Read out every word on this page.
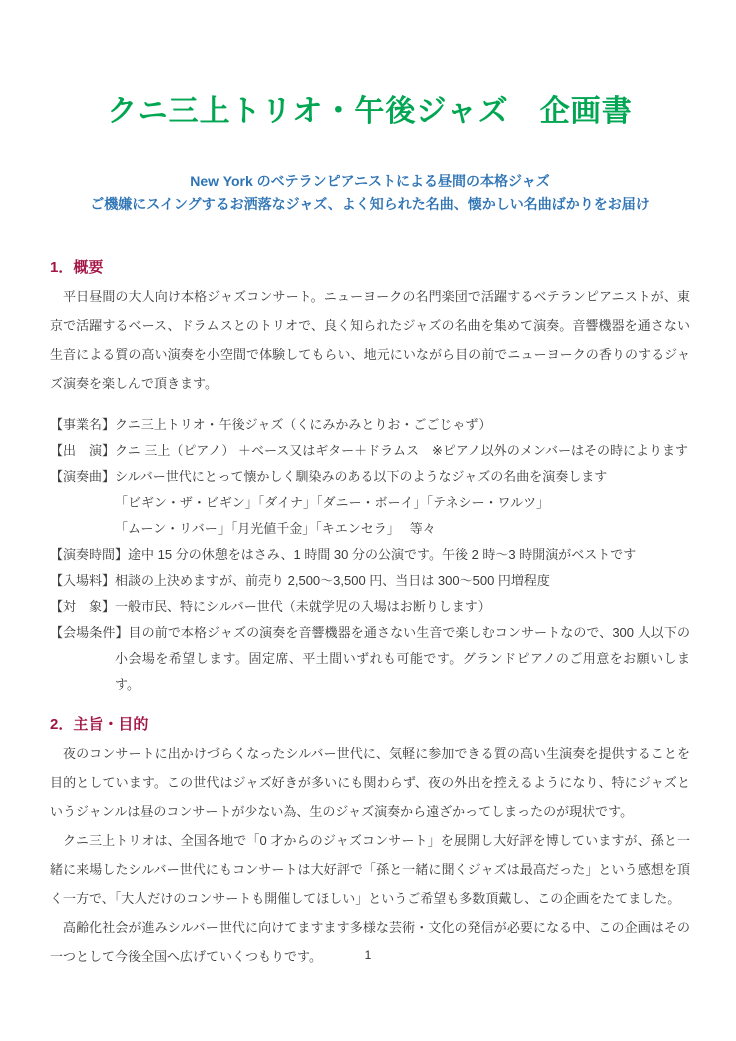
クニ三上トリオ・午後ジャズ　企画書

New York のベテランピアニストによる昼間の本格ジャズ

ご機嫌にスイングするお洒落なジャズ、よく知られた名曲、懐かしい名曲ばかりをお届け

1．概要

平日昼間の大人向け本格ジャズコンサート。ニューヨークの名門楽団で活躍するベテランピアニストが、東京で活躍するベース、ドラムスとのトリオで、良く知られたジャズの名曲を集めて演奏。音響機器を通さない生音による質の高い演奏を小空間で体験してもらい、地元にいながら目の前でニューヨークの香りのするジャズ演奏を楽しんで頂きます。

【事業名】クニ三上トリオ・午後ジャズ（くにみかみとりお・ごごじゃず）
【出　演】クニ 三上（ピアノ） ＋ベース又はギター＋ドラムス　※ピアノ以外のメンバーはその時によります
【演奏曲】シルバー世代にとって懐かしく馴染みのある以下のようなジャズの名曲を演奏します
「ビギン・ザ・ビギン」「ダイナ」「ダニー・ボーイ」「テネシー・ワルツ」
「ムーン・リバー」「月光値千金」「キエンセラ」　 等々
【演奏時間】途中 15 分の休憩をはさみ、1 時間 30 分の公演です。午後 2 時～3 時開演がベストです
【入場料】相談の上決めますが、前売り 2,500～3,500 円、当日は 300～500 円増程度
【対　象】一般市民、特にシルバー世代（未就学児の入場はお断りします）
【会場条件】目の前で本格ジャズの演奏を音響機器を通さない生音で楽しむコンサートなので、300 人以下の小会場を希望します。固定席、平土間いずれも可能です。グランドピアノのご用意をお願いします。
2．主旨・目的

夜のコンサートに出かけづらくなったシルバー世代に、気軽に参加できる質の高い生演奏を提供することを目的としています。この世代はジャズ好きが多いにも関わらず、夜の外出を控えるようになり、特にジャズというジャンルは昼のコンサートが少ない為、生のジャズ演奏から遠ざかってしまったのが現状です。

クニ三上トリオは、全国各地で「0 才からのジャズコンサート」を展開し大好評を博していますが、孫と一緒に来場したシルバー世代にもコンサートは大好評で「孫と一緒に聞くジャズは最高だった」という感想を頂く一方で、「大人だけのコンサートも開催してほしい」というご希望も多数頂戴し、この企画をたてました。

高齢化社会が進みシルバー世代に向けてますます多様な芸術・文化の発信が必要になる中、この企画はその一つとして今後全国へ広げていくつもりです。	1
